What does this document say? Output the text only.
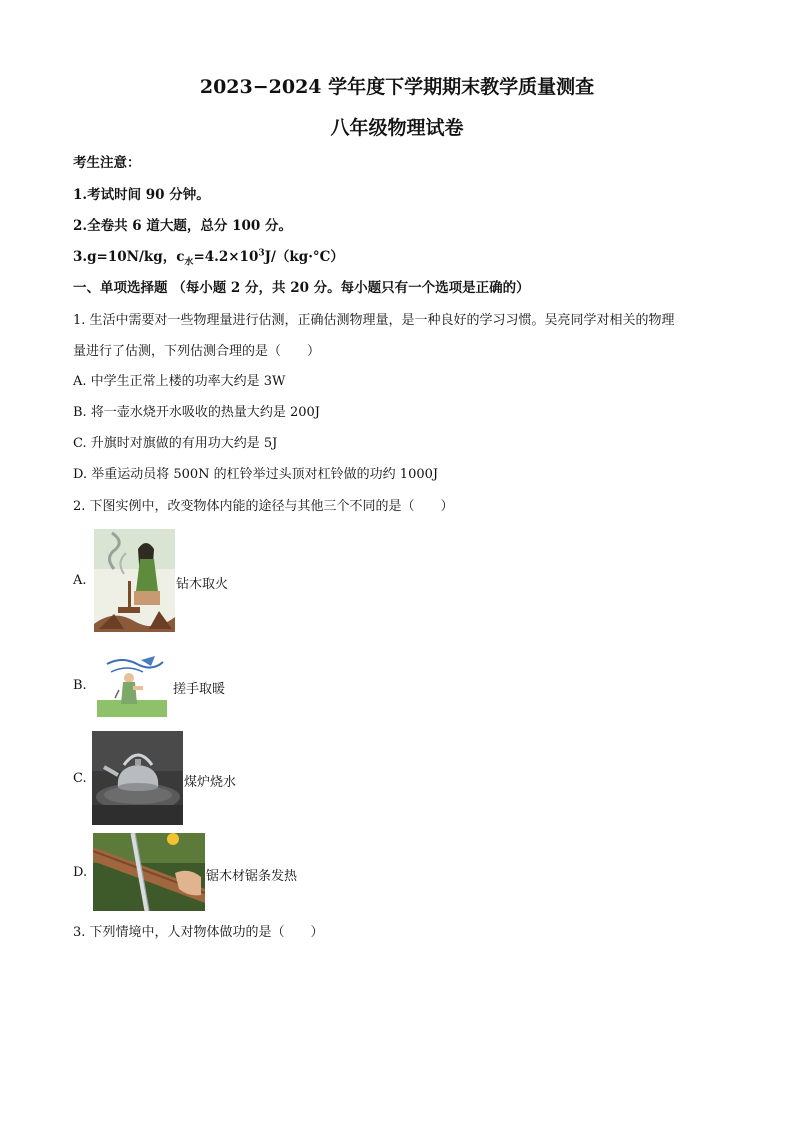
2023−2024 学年度下学期期末教学质量测查
八年级物理试卷
考生注意：
1.考试时间 90 分钟。
2.全卷共 6 道大题，总分 100 分。
3.g=10N/kg，$c_水=4.2\times 10^3J/(kg\cdot^\circ C)$
一、单项选择题 （每小题 2 分，共 20 分。每小题只有一个选项是正确的）
1. 生活中需要对一些物理量进行估测，正确估测物理量，是一种良好的学习习惯。吴亮同学对相关的物理
量进行了估测，下列估测合理的是（　　）
A. 中学生正常上楼的功率大约是 3W
B. 将一壶水烧开水吸收的热量大约是 200J
C. 升旗时对旗做的有用功大约是 5J
D. 举重运动员将 500N 的杠铃举过头顶对杠铃做的功约 1000J
2. 下图实例中，改变物体内能的途径与其他三个不同的是（　　）
A.	钻木取火
B.	搓手取暖
C.	煤炉烧水
D.	锯木材锯条发热
3. 下列情境中，人对物体做功的是（　　）
